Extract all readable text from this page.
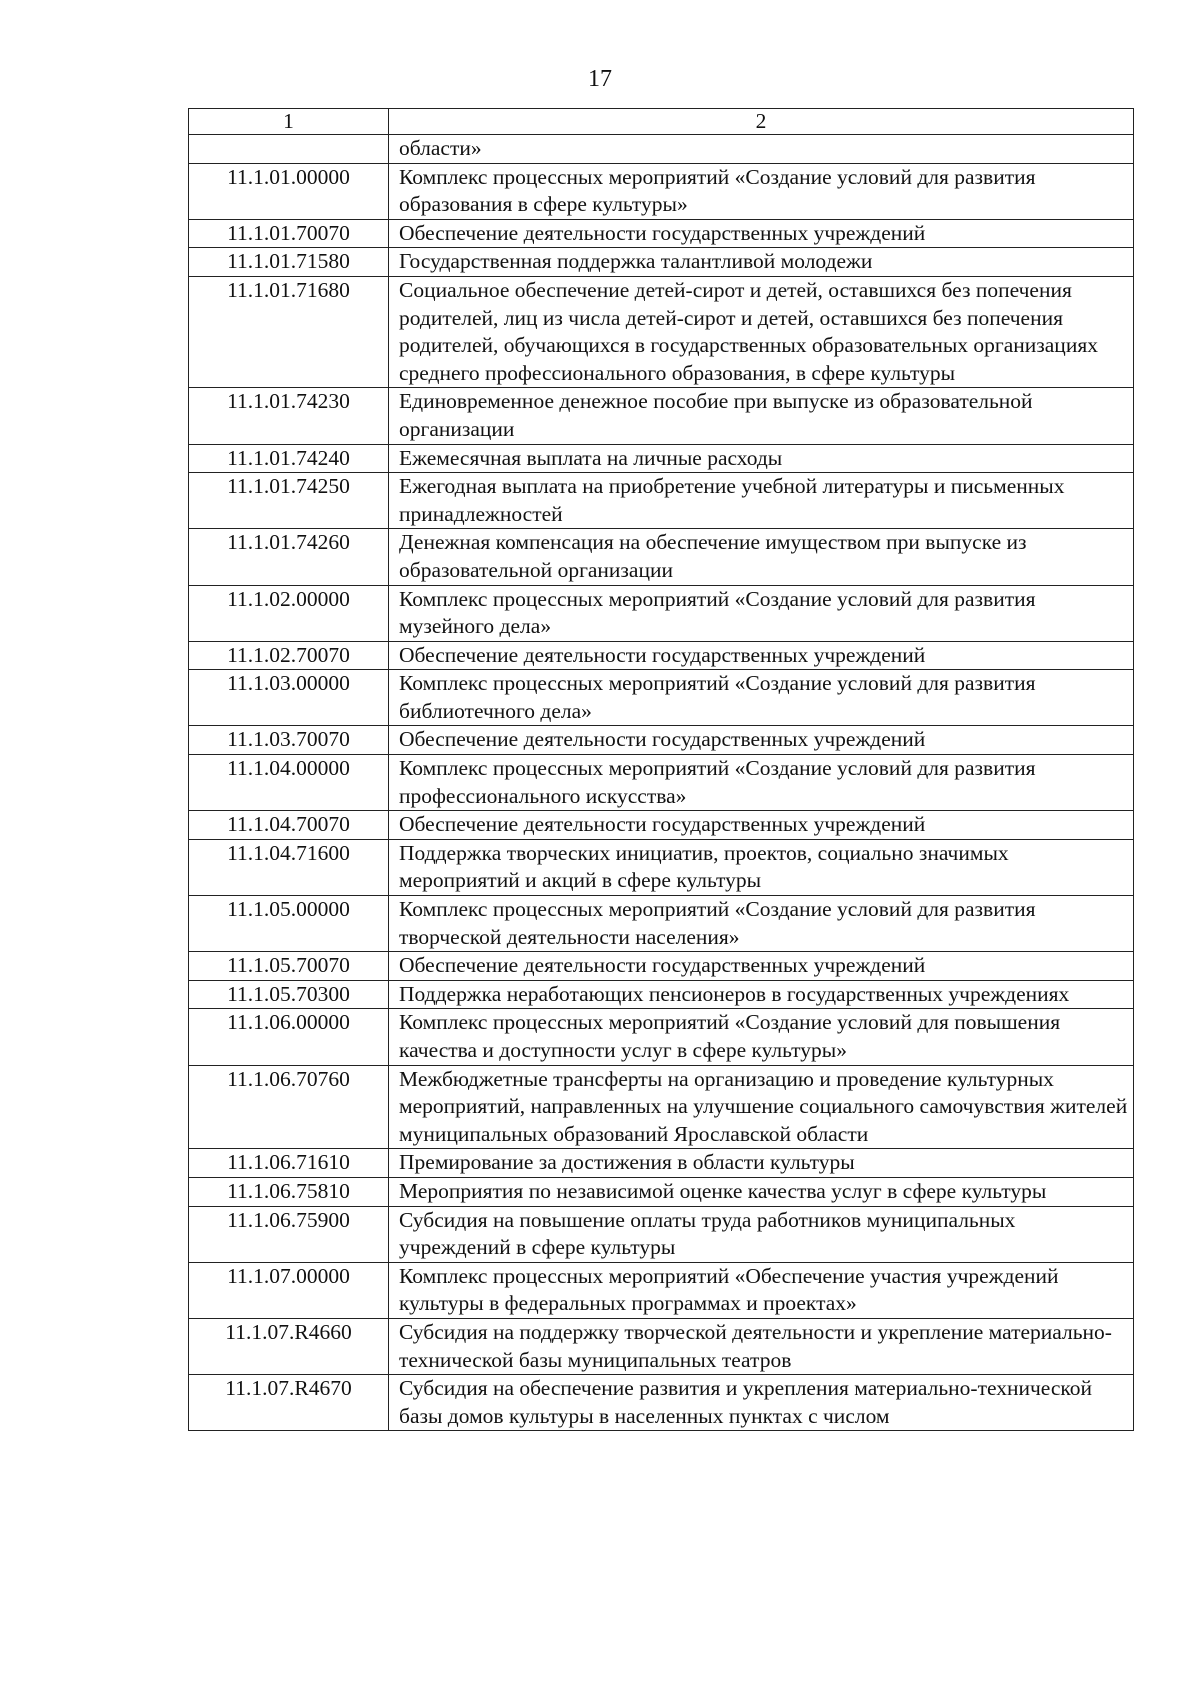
17
1	2
	области»
11.1.01.00000	Комплекс процессных мероприятий «Создание условий для развития образования в сфере культуры»
11.1.01.70070	Обеспечение деятельности государственных учреждений
11.1.01.71580	Государственная поддержка талантливой молодежи
11.1.01.71680	Социальное обеспечение детей-сирот и детей, оставшихся без попечения родителей, лиц из числа детей-сирот и детей, оставшихся без попечения родителей, обучающихся в государственных образовательных организациях среднего профессионального образования, в сфере культуры
11.1.01.74230	Единовременное денежное пособие при выпуске из образовательной организации
11.1.01.74240	Ежемесячная выплата на личные расходы
11.1.01.74250	Ежегодная выплата на приобретение учебной литературы и письменных принадлежностей
11.1.01.74260	Денежная компенсация на обеспечение имуществом при выпуске из образовательной организации
11.1.02.00000	Комплекс процессных мероприятий «Создание условий для развития музейного дела»
11.1.02.70070	Обеспечение деятельности государственных учреждений
11.1.03.00000	Комплекс процессных мероприятий «Создание условий для развития библиотечного дела»
11.1.03.70070	Обеспечение деятельности государственных учреждений
11.1.04.00000	Комплекс процессных мероприятий «Создание условий для развития профессионального искусства»
11.1.04.70070	Обеспечение деятельности государственных учреждений
11.1.04.71600	Поддержка творческих инициатив, проектов, социально значимых мероприятий и акций в сфере культуры
11.1.05.00000	Комплекс процессных мероприятий «Создание условий для развития творческой деятельности населения»
11.1.05.70070	Обеспечение деятельности государственных учреждений
11.1.05.70300	Поддержка неработающих пенсионеров в государственных учреждениях
11.1.06.00000	Комплекс процессных мероприятий «Создание условий для повышения качества и доступности услуг в сфере культуры»
11.1.06.70760	Межбюджетные трансферты на организацию и проведение культурных мероприятий, направленных на улучшение социального самочувствия жителей муниципальных образований Ярославской области
11.1.06.71610	Премирование за достижения в области культуры
11.1.06.75810	Мероприятия по независимой оценке качества услуг в сфере культуры
11.1.06.75900	Субсидия на повышение оплаты труда работников муниципальных учреждений в сфере культуры
11.1.07.00000	Комплекс процессных мероприятий «Обеспечение участия учреждений культуры в федеральных программах и проектах»
11.1.07.R4660	Субсидия на поддержку творческой деятельности и укрепление материально-технической базы муниципальных театров
11.1.07.R4670	Субсидия на обеспечение развития и укрепления материально-технической базы домов культуры в населенных пунктах с числом
